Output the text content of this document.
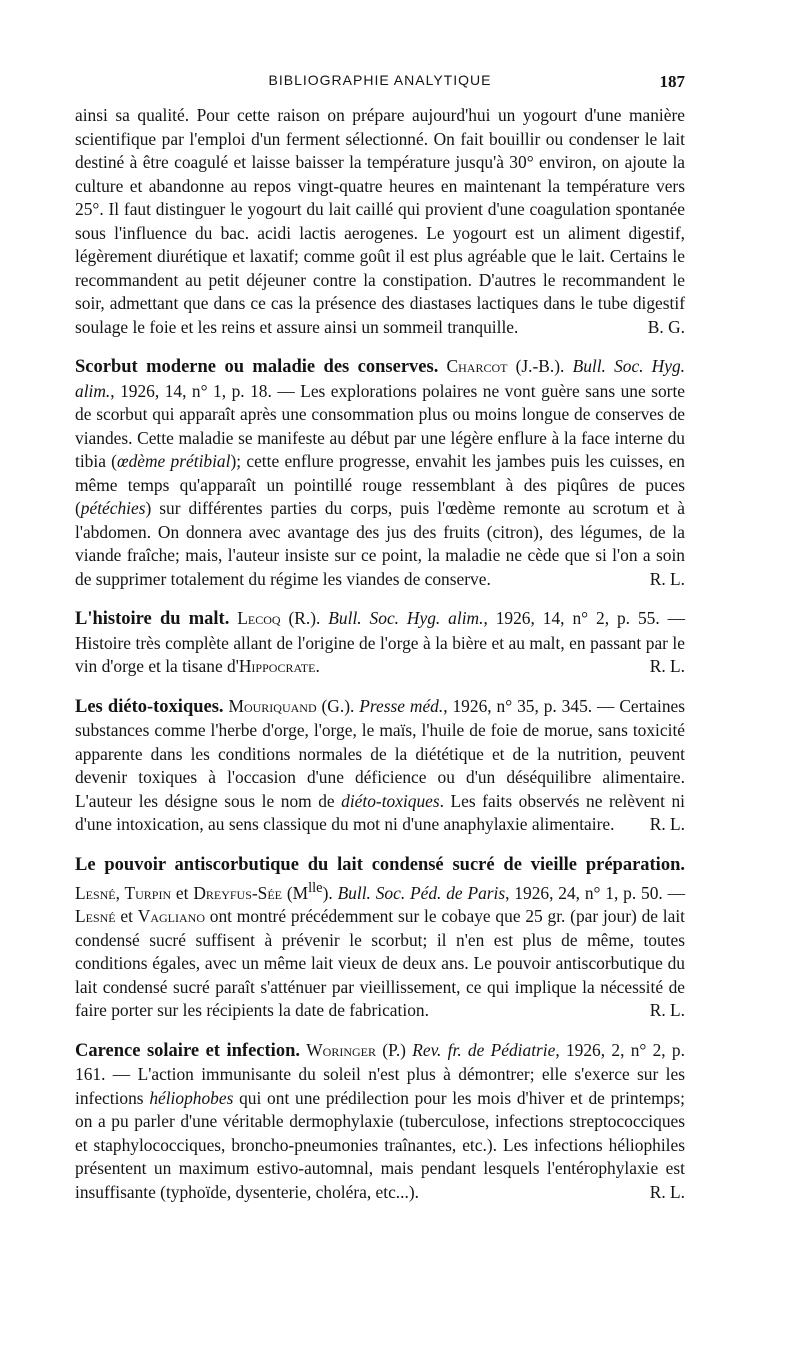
BIBLIOGRAPHIE ANALYTIQUE	187

ainsi sa qualité. Pour cette raison on prépare aujourd'hui un yogourt d'une manière scientifique par l'emploi d'un ferment sélectionné. On fait bouillir ou condenser le lait destiné à être coagulé et laisse baisser la température jusqu'à 30° environ, on ajoute la culture et abandonne au repos vingt-quatre heures en maintenant la température vers 25°. Il faut distinguer le yogourt du lait caillé qui provient d'une coagulation spontanée sous l'influence du bac. acidi lactis aerogenes. Le yogourt est un aliment digestif, légèrement diurétique et laxatif; comme goût il est plus agréable que le lait. Certains le recommandent au petit déjeuner contre la constipation. D'autres le recommandent le soir, admettant que dans ce cas la présence des diastases lactiques dans le tube digestif soulage le foie et les reins et assure ainsi un sommeil tranquille.	B. G.

Scorbut moderne ou maladie des conserves. Charcot (J.-B.). Bull. Soc. Hyg. alim., 1926, 14, n° 1, p. 18. — Les explorations polaires ne vont guère sans une sorte de scorbut qui apparaît après une consommation plus ou moins longue de conserves de viandes. Cette maladie se manifeste au début par une légère enflure à la face interne du tibia (œdème prétibial); cette enflure progresse, envahit les jambes puis les cuisses, en même temps qu'apparaît un pointillé rouge ressemblant à des piqûres de puces (pétéchies) sur différentes parties du corps, puis l'œdème remonte au scrotum et à l'abdomen. On donnera avec avantage des jus des fruits (citron), des légumes, de la viande fraîche; mais, l'auteur insiste sur ce point, la maladie ne cède que si l'on a soin de supprimer totalement du régime les viandes de conserve.	R. L.

L'histoire du malt. Lecoq (R.). Bull. Soc. Hyg. alim., 1926, 14, n° 2, p. 55. — Histoire très complète allant de l'origine de l'orge à la bière et au malt, en passant par le vin d'orge et la tisane d'Hippocrate.	R. L.

Les diéto-toxiques. Mouriquand (G.). Presse méd., 1926, n° 35, p. 345. — Certaines substances comme l'herbe d'orge, l'orge, le maïs, l'huile de foie de morue, sans toxicité apparente dans les conditions normales de la diététique et de la nutrition, peuvent devenir toxiques à l'occasion d'une déficience ou d'un déséquilibre alimentaire. L'auteur les désigne sous le nom de diéto-toxiques. Les faits observés ne relèvent ni d'une intoxication, au sens classique du mot ni d'une anaphylaxie alimentaire. R. L.

Le pouvoir antiscorbutique du lait condensé sucré de vieille préparation. Lesné, Turpin et Dreyfus-Sée $(M^{lle})$. Bull. Soc. Péd. de Paris, 1926, 24, n° 1, p. 50. — Lesné et Vagliano ont montré précédemment sur le cobaye que 25 gr. (par jour) de lait condensé sucré suffisent à prévenir le scorbut; il n'en est plus de même, toutes conditions égales, avec un même lait vieux de deux ans. Le pouvoir antiscorbutique du lait condensé sucré paraît s'atténuer par vieillissement, ce qui implique la nécessité de faire porter sur les récipients la date de fabrication.	R. L.

Carence solaire et infection. Woringer (P.) Rev. fr. de Pédiatrie, 1926, 2, n° 2, p. 161. — L'action immunisante du soleil n'est plus à démontrer; elle s'exerce sur les infections héliophobes qui ont une prédilection pour les mois d'hiver et de printemps; on a pu parler d'une véritable dermophylaxie (tuberculose, infections streptococciques et staphylococciques, broncho-pneumonies traînantes, etc.). Les infections héliophiles présentent un maximum estivo-automnal, mais pendant lesquels l'entérophylaxie est insuffisante (typhoïde, dysenterie, choléra, etc...).	R. L.
